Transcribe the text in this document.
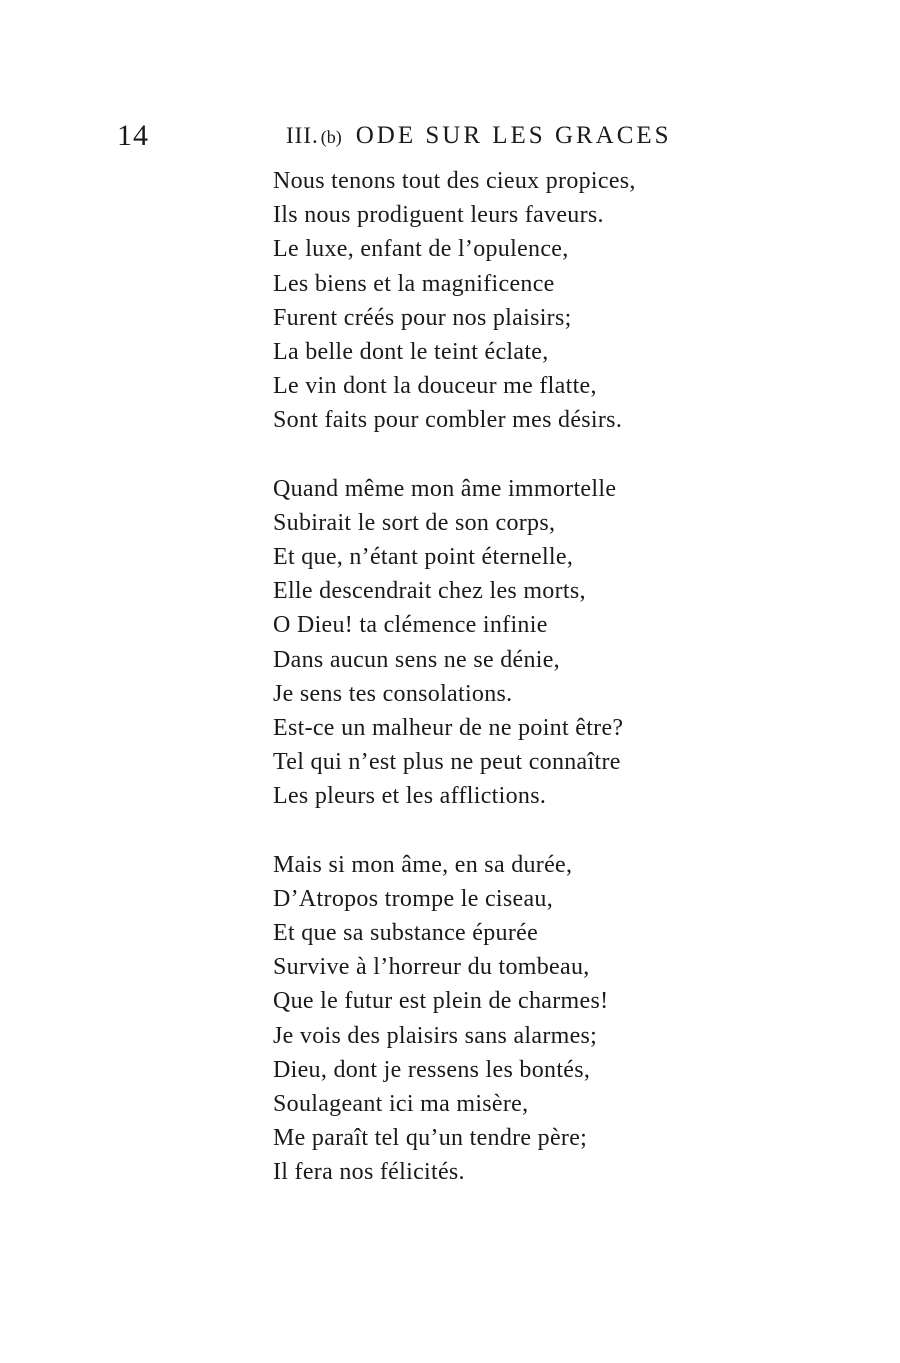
14	III. (b) ODE SUR LES GRACES
Nous tenons tout des cieux propices,
Ils nous prodiguent leurs faveurs.
Le luxe, enfant de l’opulence,
Les biens et la magnificence
Furent créés pour nos plaisirs;
La belle dont le teint éclate,
Le vin dont la douceur me flatte,
Sont faits pour combler mes désirs.
Quand même mon âme immortelle
Subirait le sort de son corps,
Et que, n’étant point éternelle,
Elle descendrait chez les morts,
O Dieu! ta clémence infinie
Dans aucun sens ne se dénie,
Je sens tes consolations.
Est-ce un malheur de ne point être?
Tel qui n’est plus ne peut connaître
Les pleurs et les afflictions.
Mais si mon âme, en sa durée,
D’Atropos trompe le ciseau,
Et que sa substance épurée
Survive à l’horreur du tombeau,
Que le futur est plein de charmes!
Je vois des plaisirs sans alarmes;
Dieu, dont je ressens les bontés,
Soulageant ici ma misère,
Me paraît tel qu’un tendre père;
Il fera nos félicités.
